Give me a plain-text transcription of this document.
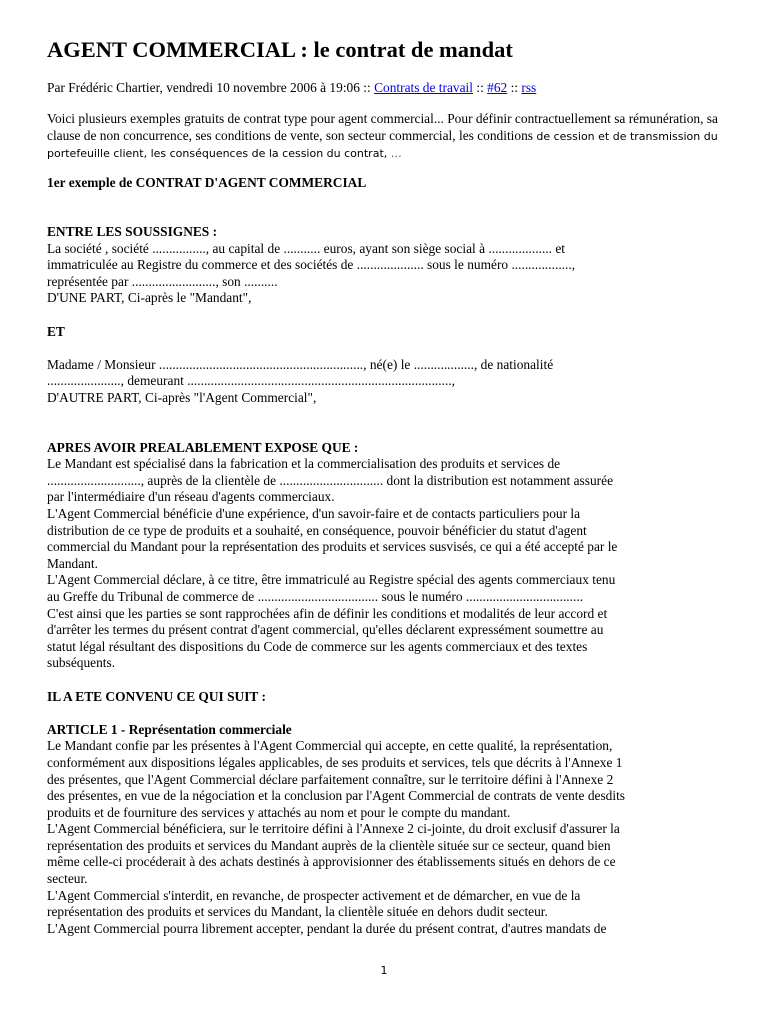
AGENT COMMERCIAL : le contrat de mandat
Par Frédéric Chartier, vendredi 10 novembre 2006 à 19:06 :: Contrats de travail :: #62 :: rss
Voici plusieurs exemples gratuits de contrat type pour agent commercial... Pour définir contractuellement sa rémunération, sa clause de non concurrence, ses conditions de vente, son secteur commercial, les conditions de cession et de transmission du portefeuille client, les conséquences de la cession du contrat, …

1er exemple de CONTRAT D'AGENT COMMERCIAL

ENTRE LES SOUSSIGNES :

La société , société ................, au capital de ........... euros, ayant son siège social à ................... et

immatriculée au Registre du commerce et des sociétés de .................... sous le numéro ..................,

représentée par ........................., son ..........

D'UNE PART, Ci-après le "Mandant",

ET

Madame / Monsieur ............................................................., né(e) le .................., de nationalité

......................, demeurant ...............................................................................,

D'AUTRE PART, Ci-après "l'Agent Commercial",

APRES AVOIR PREALABLEMENT EXPOSE QUE :

Le Mandant est spécialisé dans la fabrication et la commercialisation des produits et services de

............................, auprès de la clientèle de ............................... dont la distribution est notamment assurée

par l'intermédiaire d'un réseau d'agents commerciaux.

L'Agent Commercial bénéficie d'une expérience, d'un savoir-faire et de contacts particuliers pour la

distribution de ce type de produits et a souhaité, en conséquence, pouvoir bénéficier du statut d'agent

commercial du Mandant pour la représentation des produits et services susvisés, ce qui a été accepté par le

Mandant.

L'Agent Commercial déclare, à ce titre, être immatriculé au Registre spécial des agents commerciaux tenu

au Greffe du Tribunal de commerce de .................................... sous le numéro ...................................

C'est ainsi que les parties se sont rapprochées afin de définir les conditions et modalités de leur accord et

d'arrêter les termes du présent contrat d'agent commercial, qu'elles déclarent expressément soumettre au

statut légal résultant des dispositions du Code de commerce sur les agents commerciaux et des textes

subséquents.

IL A ETE CONVENU CE QUI SUIT :

ARTICLE 1 - Représentation commerciale

Le Mandant confie par les présentes à l'Agent Commercial qui accepte, en cette qualité, la représentation,

conformément aux dispositions légales applicables, de ses produits et services, tels que décrits à l'Annexe 1

des présentes, que l'Agent Commercial déclare parfaitement connaître, sur le territoire défini à l'Annexe 2

des présentes, en vue de la négociation et la conclusion par l'Agent Commercial de contrats de vente desdits

produits et de fourniture des services y attachés au nom et pour le compte du mandant.

L'Agent Commercial bénéficiera, sur le territoire défini à l'Annexe 2 ci-jointe, du droit exclusif d'assurer la

représentation des produits et services du Mandant auprès de la clientèle située sur ce secteur, quand bien

même celle-ci procéderait à des achats destinés à approvisionner des établissements situés en dehors de ce

secteur.

L'Agent Commercial s'interdit, en revanche, de prospecter activement et de démarcher, en vue de la

représentation des produits et services du Mandant, la clientèle située en dehors dudit secteur.

L'Agent Commercial pourra librement accepter, pendant la durée du présent contrat, d'autres mandats de

1
